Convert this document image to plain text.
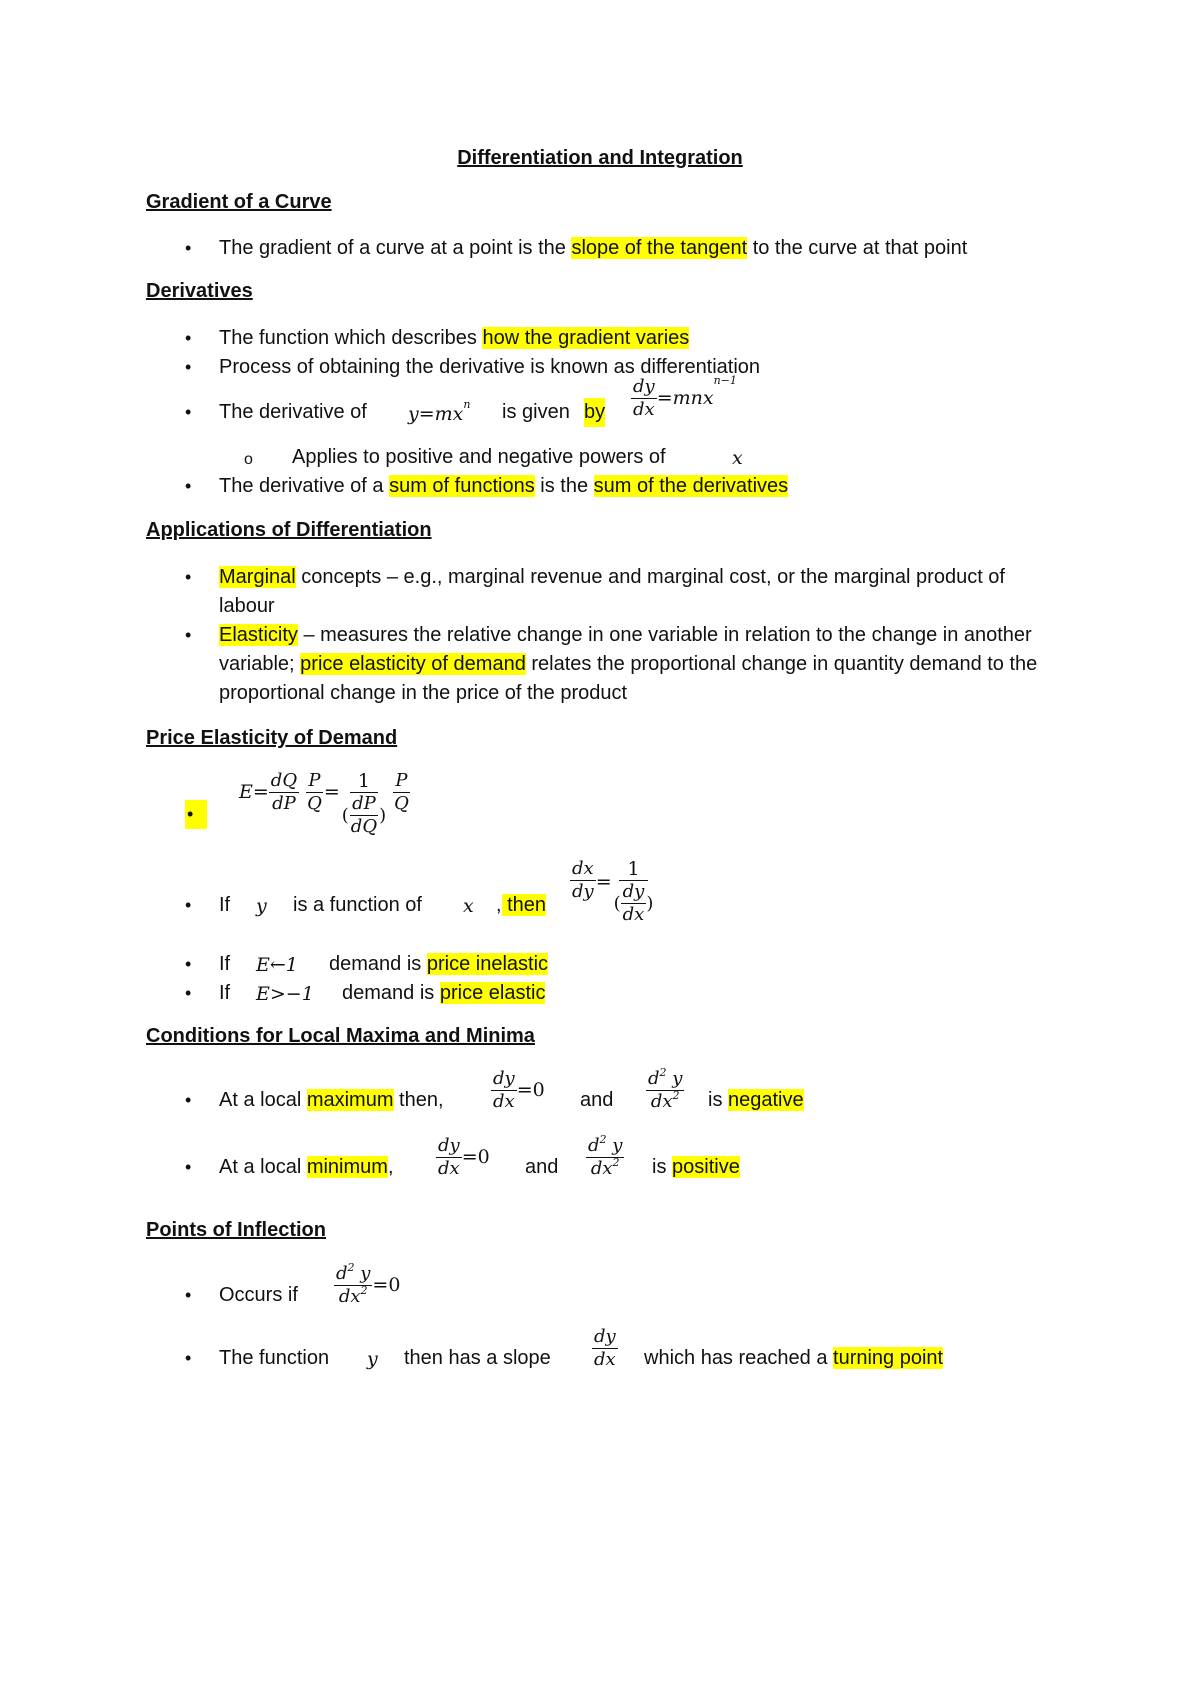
Differentiation and Integration
Gradient of a Curve
• The gradient of a curve at a point is the slope of the tangent to the curve at that point
Derivatives
• The function which describes how the gradient varies
• Process of obtaining the derivative is known as differentiation
• The derivative of $y=mx^n$ is given by $\frac{dy}{dx} =mnx^{n-1}$
o Applies to positive and negative powers of	x
• The derivative of a sum of functions is the sum of the derivatives
Applications of Differentiation
• Marginal concepts – e.g., marginal revenue and marginal cost, or the marginal product of labour
• Elasticity – measures the relative change in one variable in relation to the change in another variable; price elasticity of demand relates the proportional change in quantity demand to the proportional change in the price of the product
Price Elasticity of Demand
•
$E= \frac{dQ}{dP} \frac{P}{Q} = \frac{1}{( \frac{dP}{dQ} )} \frac{P}{Q}$
• If y is a function of x , then
$\frac{dx}{dy} = \frac{1}{( \frac{dy}{dx} )}$
• If E←1 demand is price inelastic
• If E>−1 demand is price elastic
Conditions for Local Maxima and Minima
• At a local maximum then,	$\frac{dy}{dx} =0$ and $\frac{d^2 y}{dx^2}$ is negative
• At a local minimum, $\frac{dy}{dx} =0$ and $\frac{d^2 y}{dx^2}$ is positive
Points of Inflection
• Occurs if $\frac{d^2 y}{dx^2} =0$
• The function y then has a slope $\frac{dy}{dx}$ which has reached a turning point
